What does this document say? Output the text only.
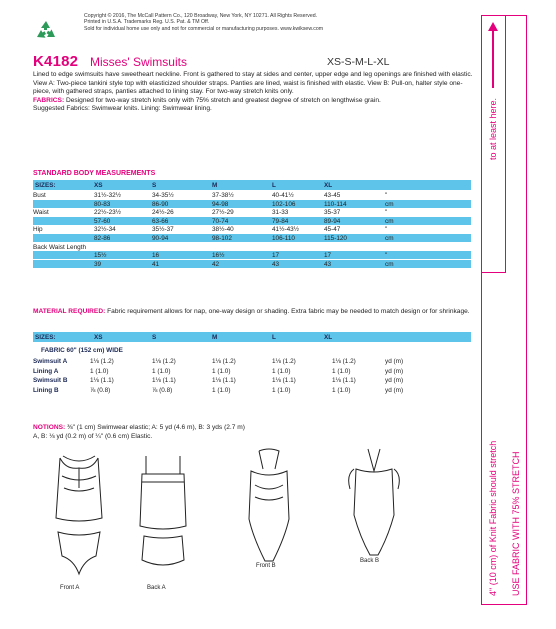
Copyright © 2016, The McCall Pattern Co., 120 Broadway, New York, NY 10271. All Rights Reserved.
Printed in U.S.A. Trademarks Reg. U.S. Pat. & TM Off.
Sold for individual home use only and not for commercial or manufacturing purposes. www.kwiksew.com
K4182 Misses' Swimsuits	XS-S-M-L-XL
Lined to edge swimsuits have sweetheart neckline. Front is gathered to stay at sides and center, upper edge and leg openings are finished with elastic. View A: Two-piece tankini style top with elasticized shoulder straps. Panties are lined, waist is finished with elastic. View B: Pull-on, halter style one-piece, with gathered straps, panties attached to lining stay. For two-way stretch knits only.
FABRICS: Designed for two-way stretch knits only with 75% stretch and greatest degree of stretch on lengthwise grain.
Suggested Fabrics: Swimwear knits. Lining: Swimwear lining.
STANDARD BODY MEASUREMENTS
MATERIAL REQUIRED: Fabric requirement allows for nap, one-way design or shading. Extra fabric may be needed to match design or for shrinkage.
NOTIONS: ⅜" (1 cm) Swimwear elastic; A: 5 yd (4.6 m), B: 3 yds (2.7 m)
A, B: ⅛ yd (0.2 m) of ¼" (0.6 cm) Elastic.
Front A	Back A
Front B
Back B
to at least here.
4" (10 cm) of Knit Fabric should stretch USE FABRIC WITH 75% STRETCH
SIZES:	XS	S	M	L	XL
Bust	31½-32½	34-35½	37-38½	40-41½	43-45	"
80-83	86-90	94-98	102-106	110-114	cm
Waist	22½-23½	24½-26	27½-29	31-33	35-37	"
57-60	63-66	70-74	79-84	89-94	cm
Hip	32½-34	35½-37	38½-40	41½-43½	45-47	"
82-86	90-94	98-102	106-110	115-120	cm
Back Waist Length
15½	16	16½	17	17	"
39	41	42	43	43	cm
SIZES:	XS	S	M	L	XL
FABRIC 60" (152 cm) WIDE
Swimsuit A	1⅛ (1.2)	1⅛ (1.2)	1⅛ (1.2)	1⅛ (1.2)	1⅛ (1.2)	yd (m)
Lining A	1 (1.0)	1 (1.0)	1 (1.0)	1 (1.0)	1 (1.0)	yd (m)
Swimsuit B	1⅛ (1.1)	1⅛ (1.1)	1⅛ (1.1)	1⅛ (1.1)	1⅛ (1.1)	yd (m)
Lining B	⅞ (0.8)	⅞ (0.8)	1 (1.0)	1 (1.0)	1 (1.0)	yd (m)
